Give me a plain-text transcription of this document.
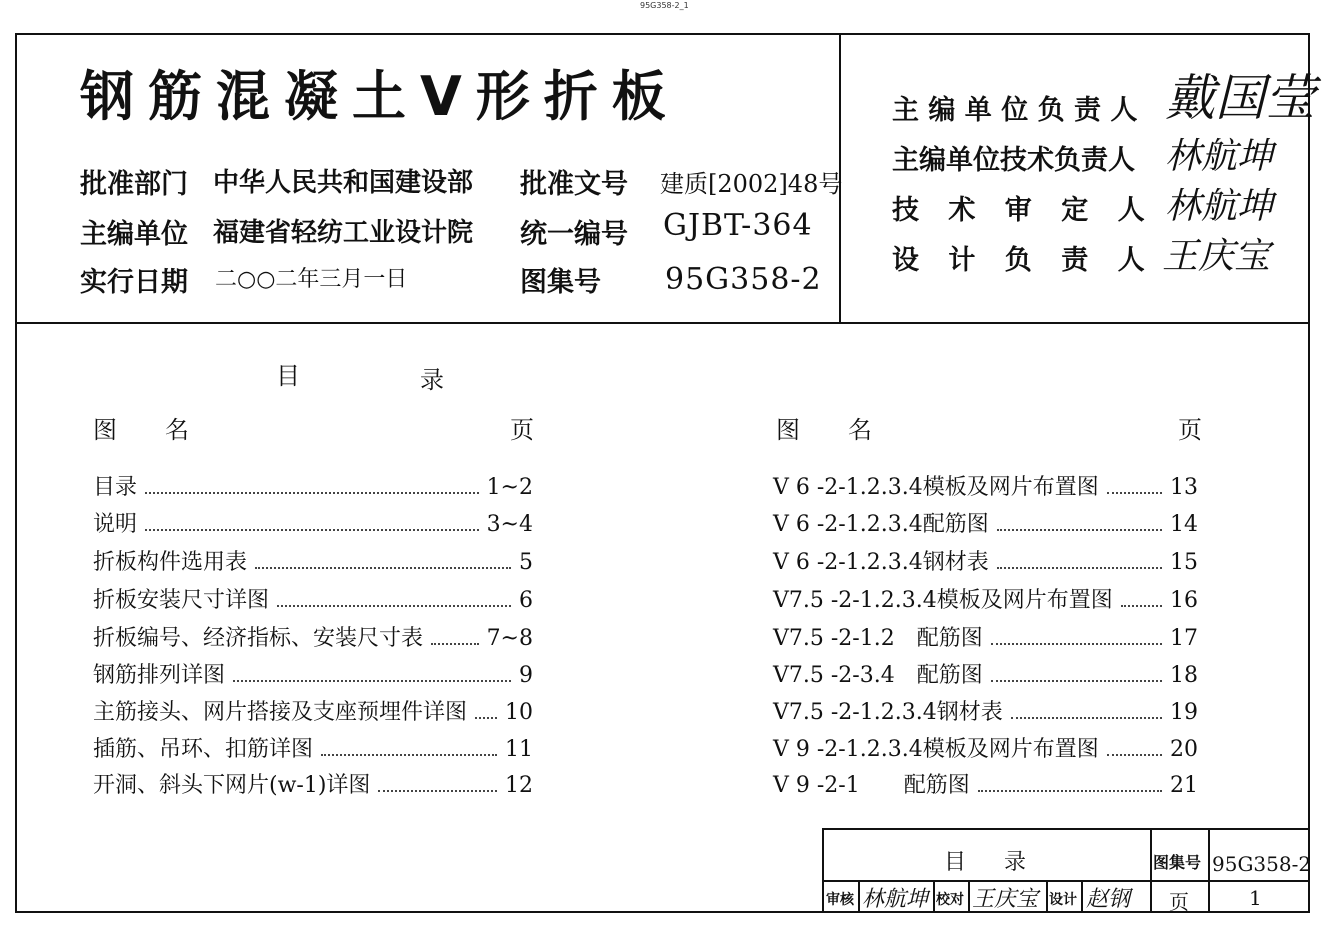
95G358-2_1
钢筋混凝土V形折板
批准部门 中华人民共和国建设部 批准文号 建质[2002]48号
主编单位 福建省轻纺工业设计院 统一编号 GJBT-364
实行日期 二○○二年三月一日	图集号 95G358-2
主 编 单 位 负 责 人 戴国莹
主编单位技术负责人 林航坤
技 术 审 定 人 林航坤
设 计 负 责 人 王庆宝
目	录
图　名	页	图　名	页
目录	1~2
说明	3~4
折板构件选用表	5
折板安装尺寸详图	6
折板编号、经济指标、安装尺寸表	7~8
钢筋排列详图	9
主筋接头、网片搭接及支座预埋件详图 10
插筋、吊环、扣筋详图	11
开洞、斜头下网片(w-1)详图	12
V 6 -2-1.2.3.4模板及网片布置图	13
V 6 -2-1.2.3.4配筋图	14
V 6 -2-1.2.3.4钢材表	15
V7.5 -2-1.2.3.4模板及网片布置图	16
V7.5 -2-1.2　配筋图	17
V7.5 -2-3.4　配筋图	18
V7.5 -2-1.2.3.4钢材表	19
V 9 -2-1.2.3.4模板及网片布置图	20
V 9 -2-1　　配筋图	21
目　录	图集号 95G358-2
审核 林航坤 校对 王庆宝 设计 赵钢 页	1
